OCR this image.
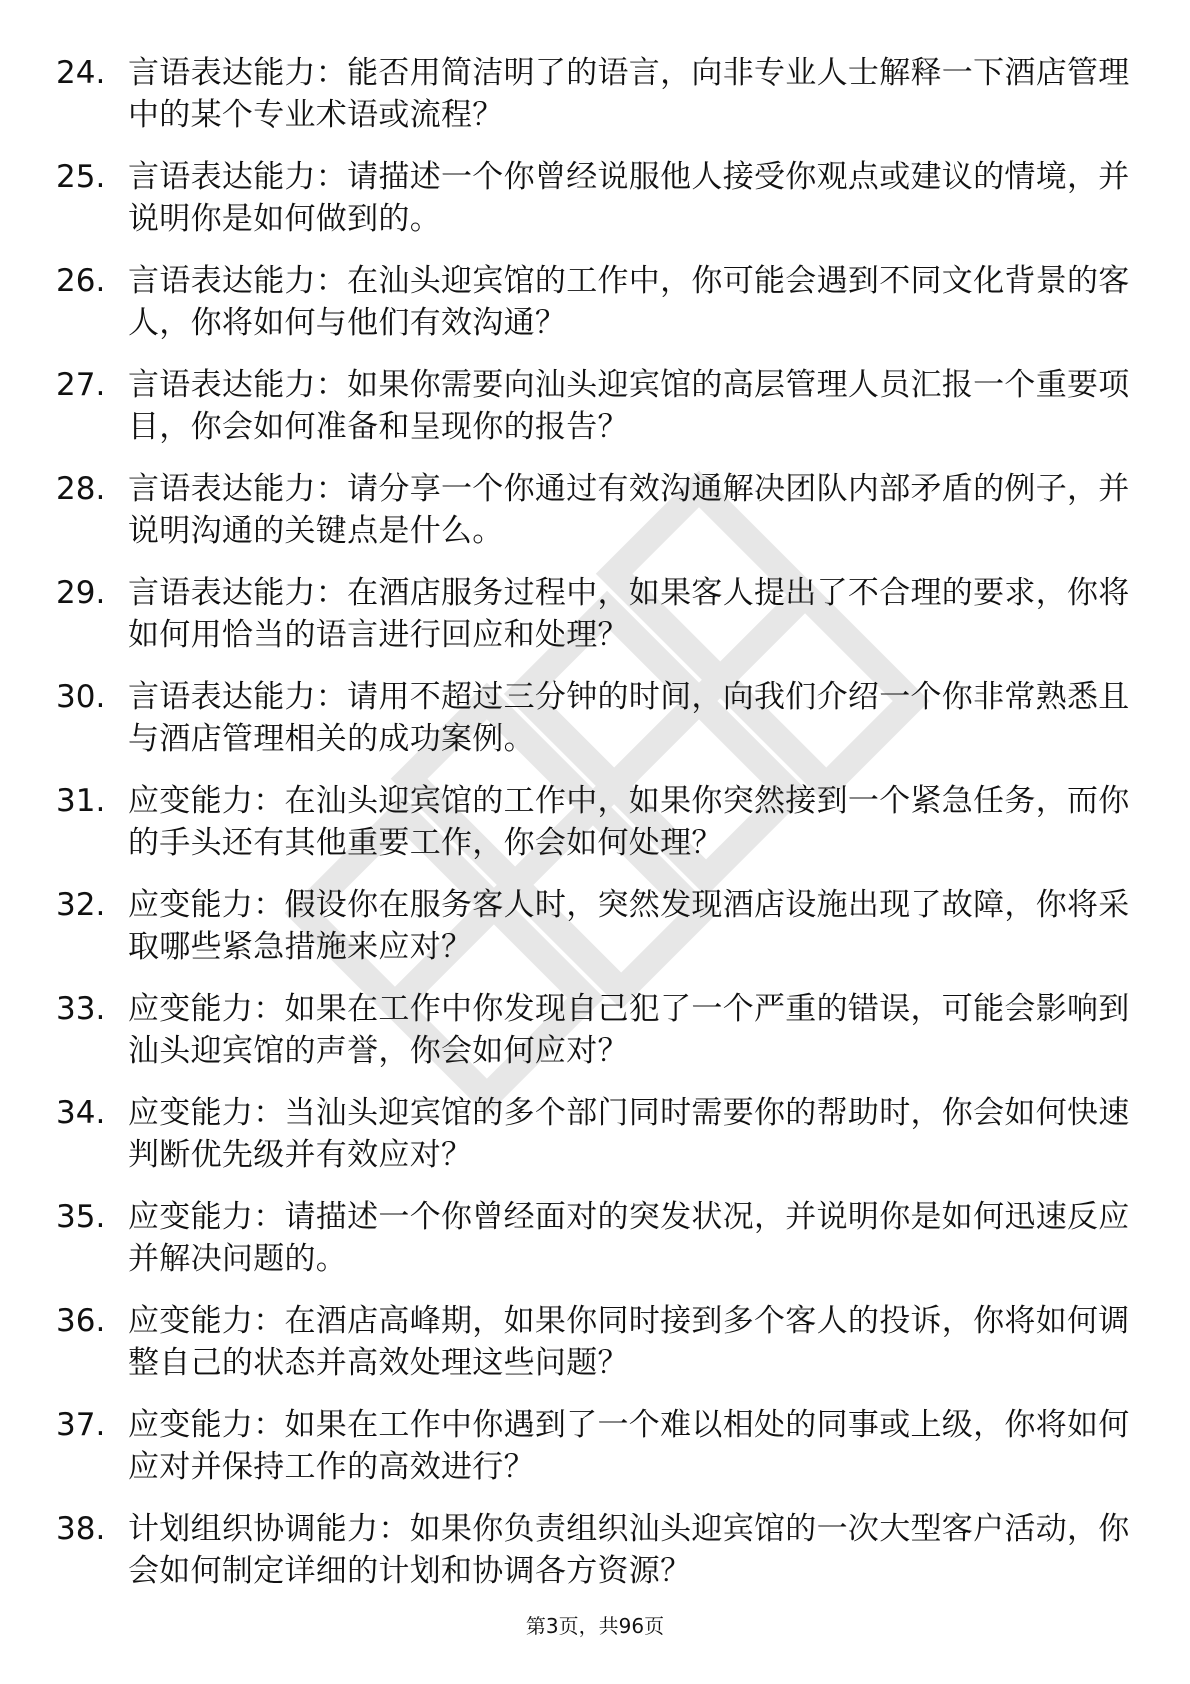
24. 言语表达能力：能否用简洁明了的语言，向非专业人士解释一下酒店管理中的某个专业术语或流程？
25. 言语表达能力：请描述一个你曾经说服他人接受你观点或建议的情境，并说明你是如何做到的。
26. 言语表达能力：在汕头迎宾馆的工作中，你可能会遇到不同文化背景的客人，你将如何与他们有效沟通？
27. 言语表达能力：如果你需要向汕头迎宾馆的高层管理人员汇报一个重要项目，你会如何准备和呈现你的报告？
28. 言语表达能力：请分享一个你通过有效沟通解决团队内部矛盾的例子，并说明沟通的关键点是什么。
29. 言语表达能力：在酒店服务过程中，如果客人提出了不合理的要求，你将如何用恰当的语言进行回应和处理？
30. 言语表达能力：请用不超过三分钟的时间，向我们介绍一个你非常熟悉且与酒店管理相关的成功案例。
31. 应变能力：在汕头迎宾馆的工作中，如果你突然接到一个紧急任务，而你的手头还有其他重要工作，你会如何处理？
32. 应变能力：假设你在服务客人时，突然发现酒店设施出现了故障，你将采取哪些紧急措施来应对？
33. 应变能力：如果在工作中你发现自己犯了一个严重的错误，可能会影响到汕头迎宾馆的声誉，你会如何应对？
34. 应变能力：当汕头迎宾馆的多个部门同时需要你的帮助时，你会如何快速判断优先级并有效应对？
35. 应变能力：请描述一个你曾经面对的突发状况，并说明你是如何迅速反应并解决问题的。
36. 应变能力：在酒店高峰期，如果你同时接到多个客人的投诉，你将如何调整自己的状态并高效处理这些问题？
37. 应变能力：如果在工作中你遇到了一个难以相处的同事或上级，你将如何应对并保持工作的高效进行？
38. 计划组织协调能力：如果你负责组织汕头迎宾馆的一次大型客户活动，你会如何制定详细的计划和协调各方资源？
第3页，共96页
